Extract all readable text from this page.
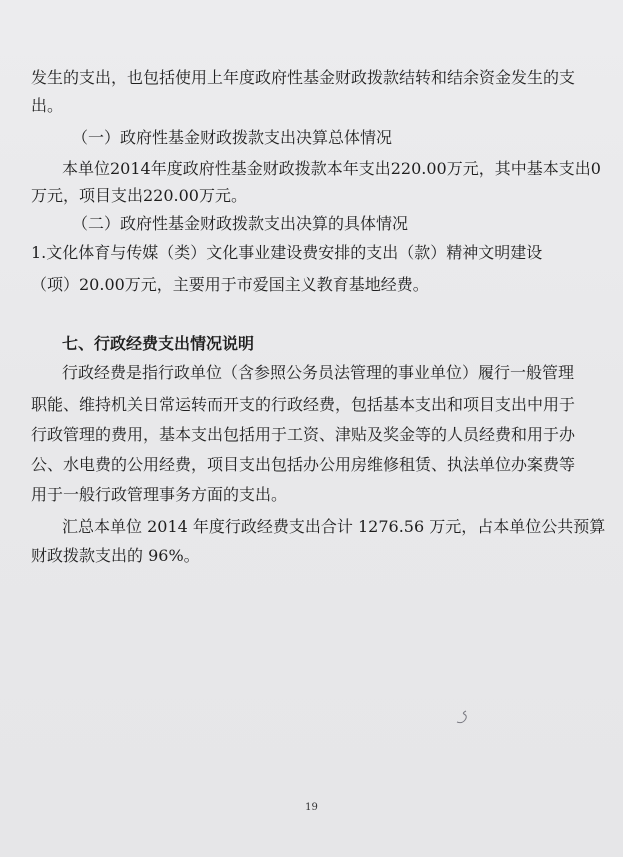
发生的支出，也包括使用上年度政府性基金财政拨款结转和结余资金发生的支
出。
（一）政府性基金财政拨款支出决算总体情况
本单位2014年度政府性基金财政拨款本年支出220.00万元，其中基本支出0
万元，项目支出220.00万元。
（二）政府性基金财政拨款支出决算的具体情况
1.文化体育与传媒（类）文化事业建设费安排的支出（款）精神文明建设
（项）20.00万元，主要用于市爱国主义教育基地经费。
七、行政经费支出情况说明
行政经费是指行政单位（含参照公务员法管理的事业单位）履行一般管理
职能、维持机关日常运转而开支的行政经费，包括基本支出和项目支出中用于
行政管理的费用，基本支出包括用于工资、津贴及奖金等的人员经费和用于办
公、水电费的公用经费，项目支出包括办公用房维修租赁、执法单位办案费等
用于一般行政管理事务方面的支出。
汇总本单位 2014 年度行政经费支出合计 1276.56 万元，占本单位公共预算
财政拨款支出的 96%。
19
